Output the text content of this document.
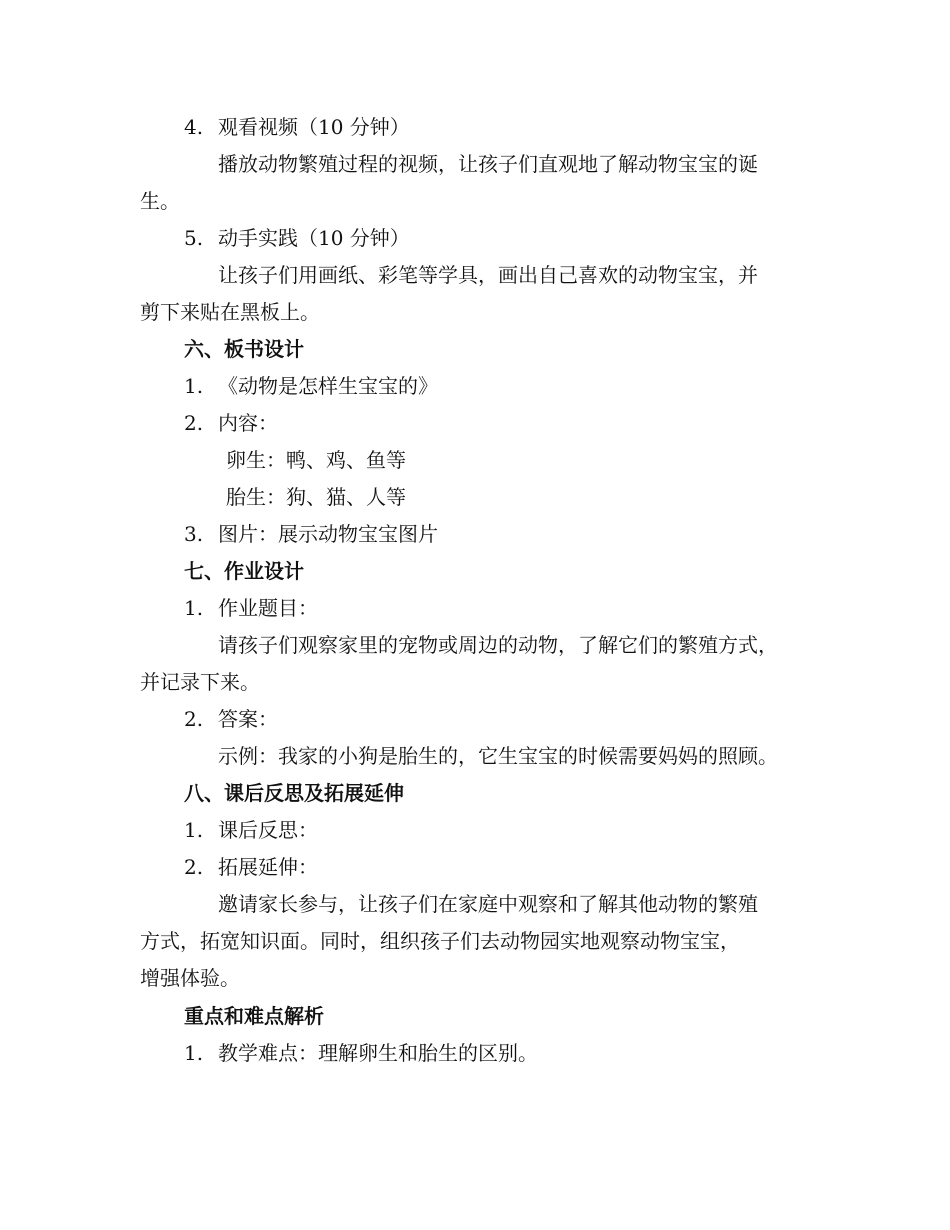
4. 观看视频（10 分钟）
播放动物繁殖过程的视频，让孩子们直观地了解动物宝宝的诞
生。
5. 动手实践（10 分钟）
让孩子们用画纸、彩笔等学具，画出自己喜欢的动物宝宝，并
剪下来贴在黑板上。
六、板书设计
1. 《动物是怎样生宝宝的》
2. 内容：
卵生：鸭、鸡、鱼等
胎生：狗、猫、人等
3. 图片：展示动物宝宝图片
七、作业设计
1. 作业题目：
请孩子们观察家里的宠物或周边的动物，了解它们的繁殖方式，
并记录下来。
2. 答案：
示例：我家的小狗是胎生的，它生宝宝的时候需要妈妈的照顾。
八、课后反思及拓展延伸
1. 课后反思：
2. 拓展延伸：
邀请家长参与，让孩子们在家庭中观察和了解其他动物的繁殖
方式，拓宽知识面。同时，组织孩子们去动物园实地观察动物宝宝，
增强体验。
重点和难点解析
1. 教学难点：理解卵生和胎生的区别。
